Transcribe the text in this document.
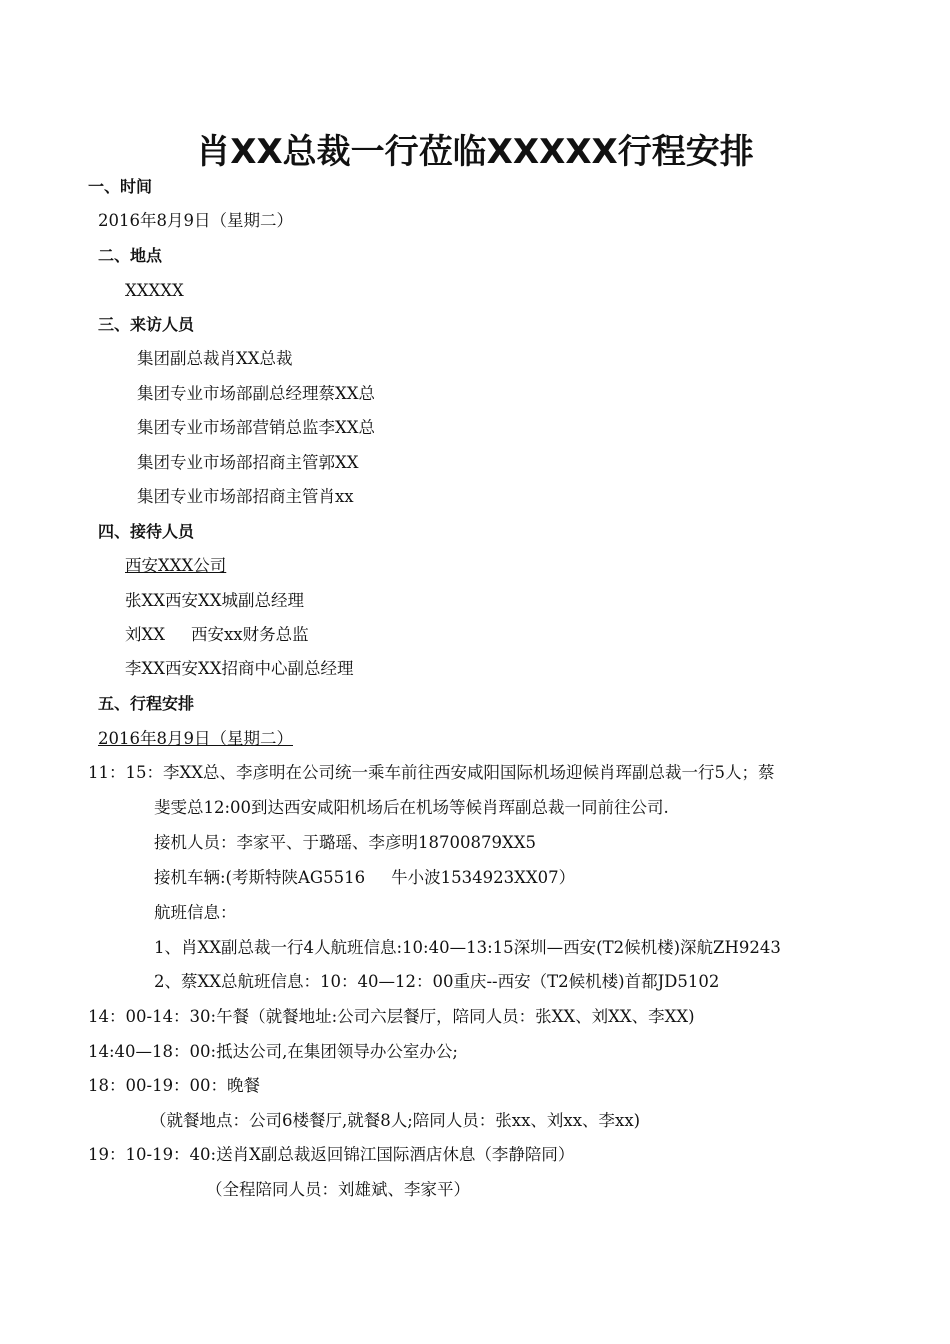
肖XX总裁一行莅临XXXXX行程安排
一、时间
2016年8月9日（星期二）
二、地点
XXXXX
三、来访人员
集团副总裁肖XX总裁
集团专业市场部副总经理蔡XX总
集团专业市场部营销总监李XX总
集团专业市场部招商主管郭XX
集团专业市场部招商主管肖xx
四、接待人员
西安XXX公司
张XX西安XX城副总经理
刘XX 西安xx财务总监
李XX西安XX招商中心副总经理
五、行程安排
2016年8月9日（星期二）
11：15：李XX总、李彦明在公司统一乘车前往西安咸阳国际机场迎候肖珲副总裁一行5人；蔡
斐雯总12:00到达西安咸阳机场后在机场等候肖珲副总裁一同前往公司.
接机人员：李家平、于璐瑶、李彦明18700879XX5
接机车辆:(考斯特陕AG5516 牛小波1534923XX07）
航班信息：
1、肖XX副总裁一行4人航班信息:10:40—13:15深圳—西安(T2候机楼)深航ZH9243
2、蔡XX总航班信息：10：40—12：00重庆--西安（T2候机楼)首都JD5102
14：00-14：30:午餐（就餐地址:公司六层餐厅，陪同人员：张XX、刘XX、李XX)
14:40—18：00:抵达公司,在集团领导办公室办公;
18：00-19：00：晚餐
（就餐地点：公司6楼餐厅,就餐8人;陪同人员：张xx、刘xx、李xx)
19：10-19：40:送肖X副总裁返回锦江国际酒店休息（李静陪同）
（全程陪同人员：刘雄斌、李家平）
